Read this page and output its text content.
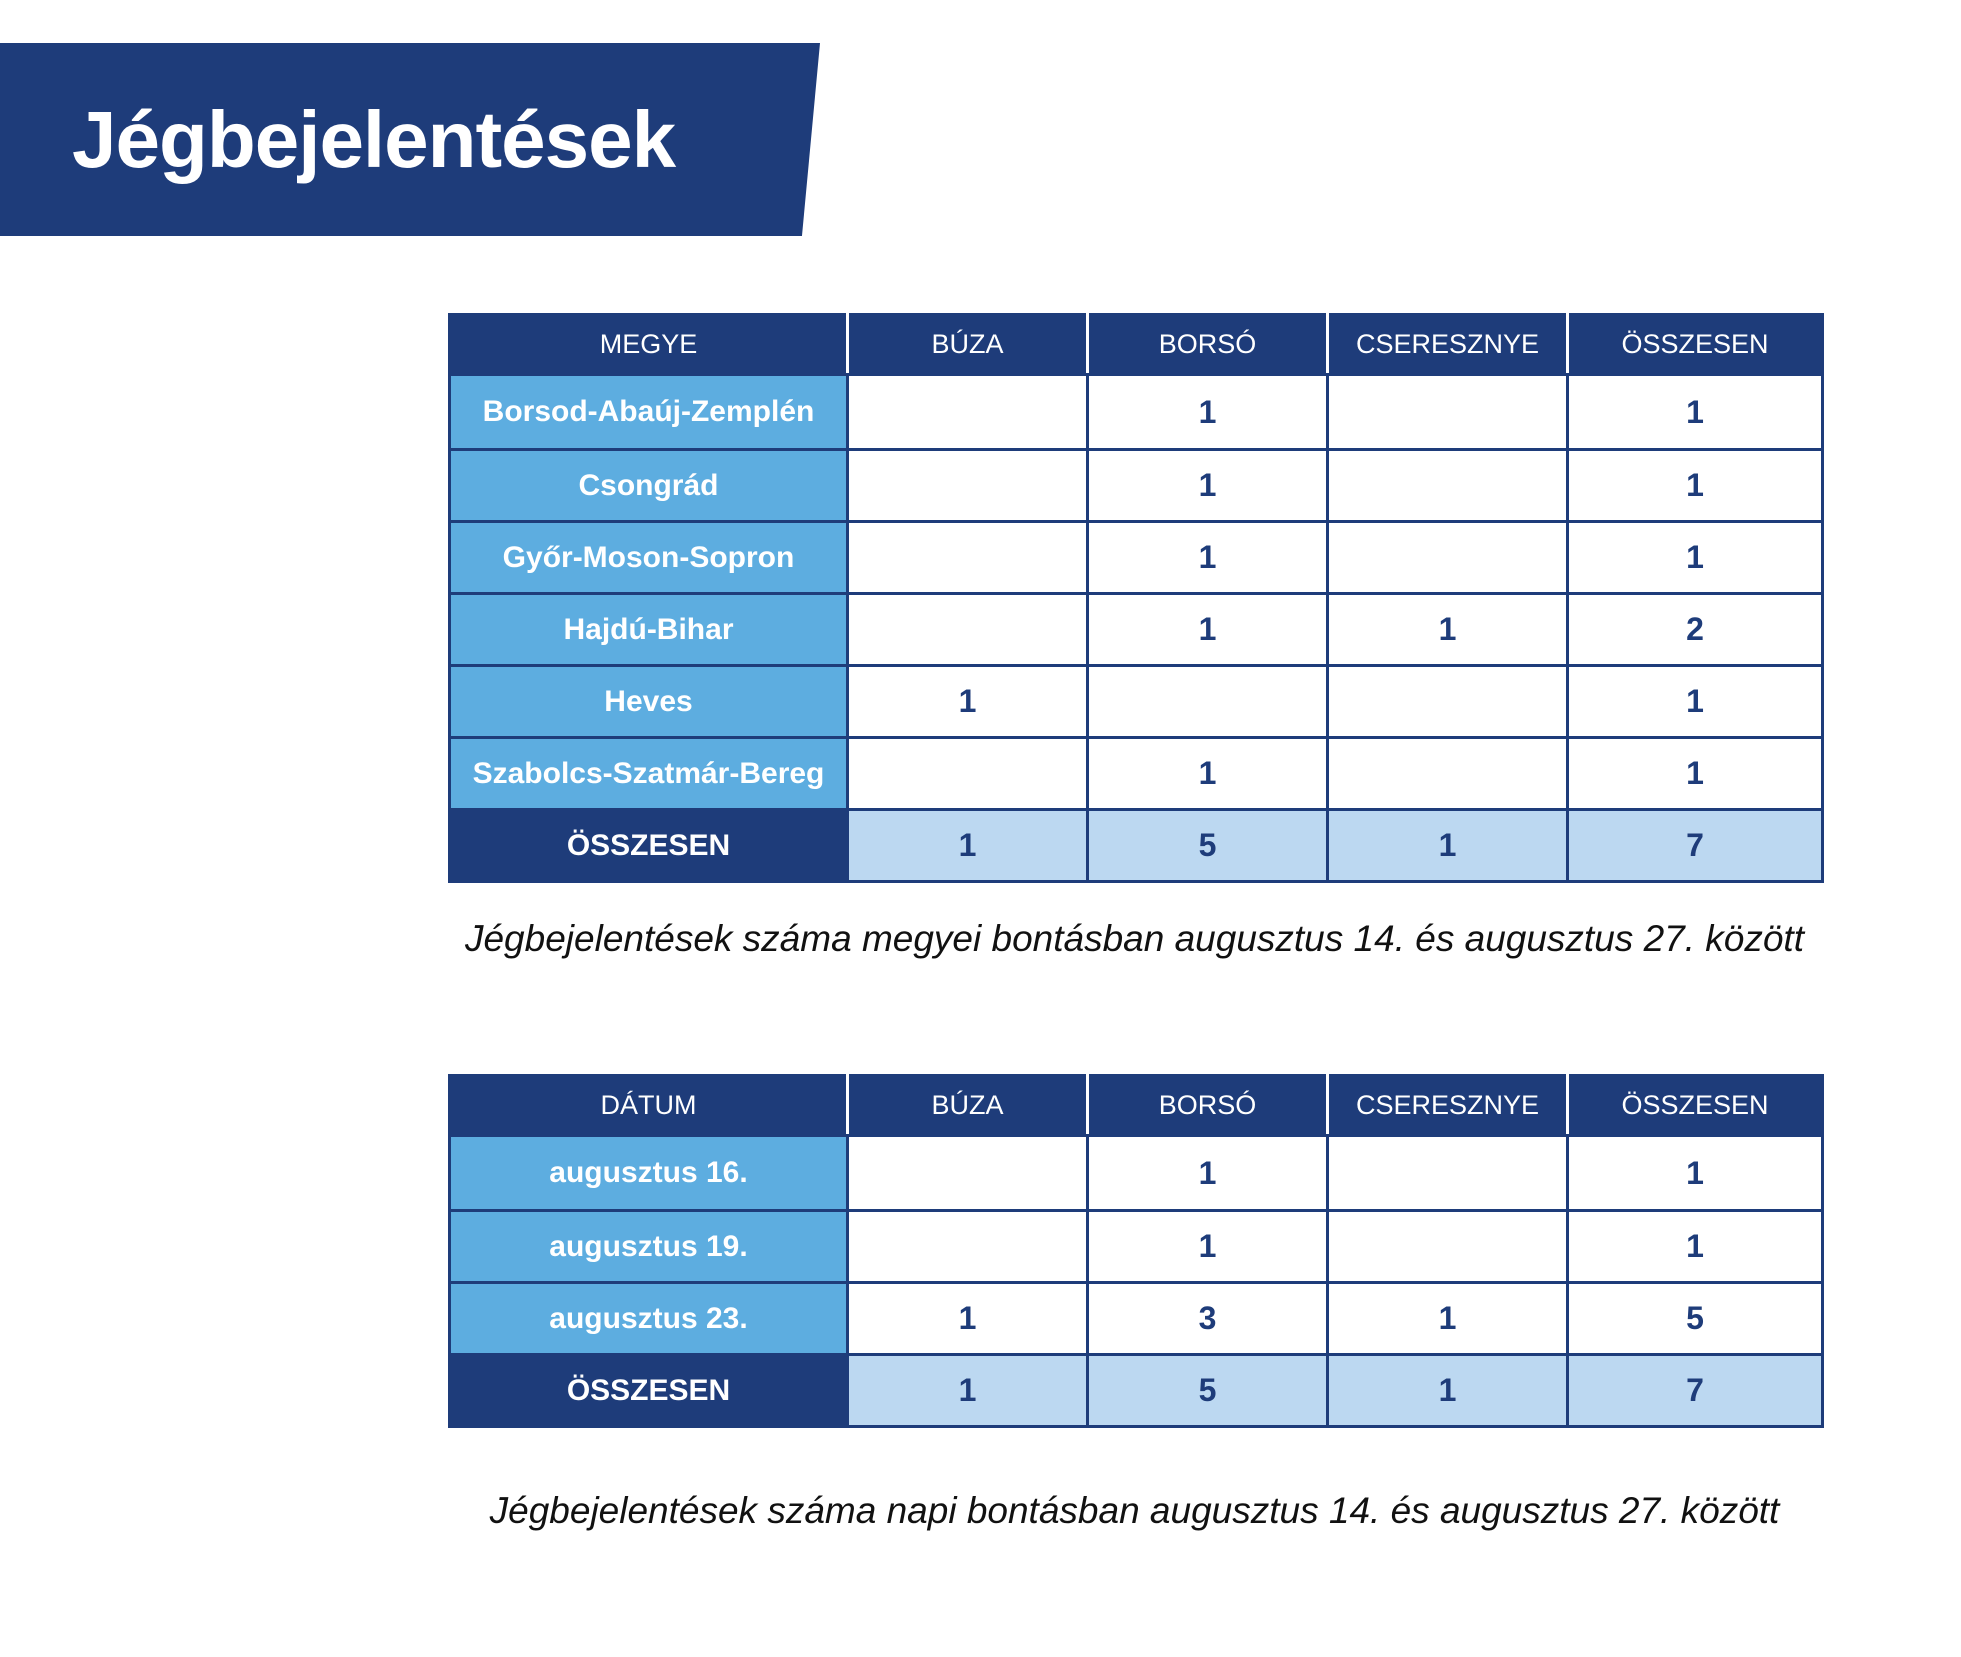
Jégbejelentések
MEGYE	BÚZA	BORSÓ	CSERESZNYE	ÖSSZESEN
Borsod-Abaúj-Zemplén		1		1
Csongrád		1		1
Győr-Moson-Sopron		1		1
Hajdú-Bihar		1	1	2
Heves	1			1
Szabolcs-Szatmár-Bereg		1		1
ÖSSZESEN	1	5	1	7
Jégbejelentések száma megyei bontásban augusztus 14. és augusztus 27. között
DÁTUM	BÚZA	BORSÓ	CSERESZNYE	ÖSSZESEN
augusztus 16.		1		1
augusztus 19.		1		1
augusztus 23.	1	3	1	5
ÖSSZESEN	1	5	1	7
Jégbejelentések száma napi bontásban augusztus 14. és augusztus 27. között
